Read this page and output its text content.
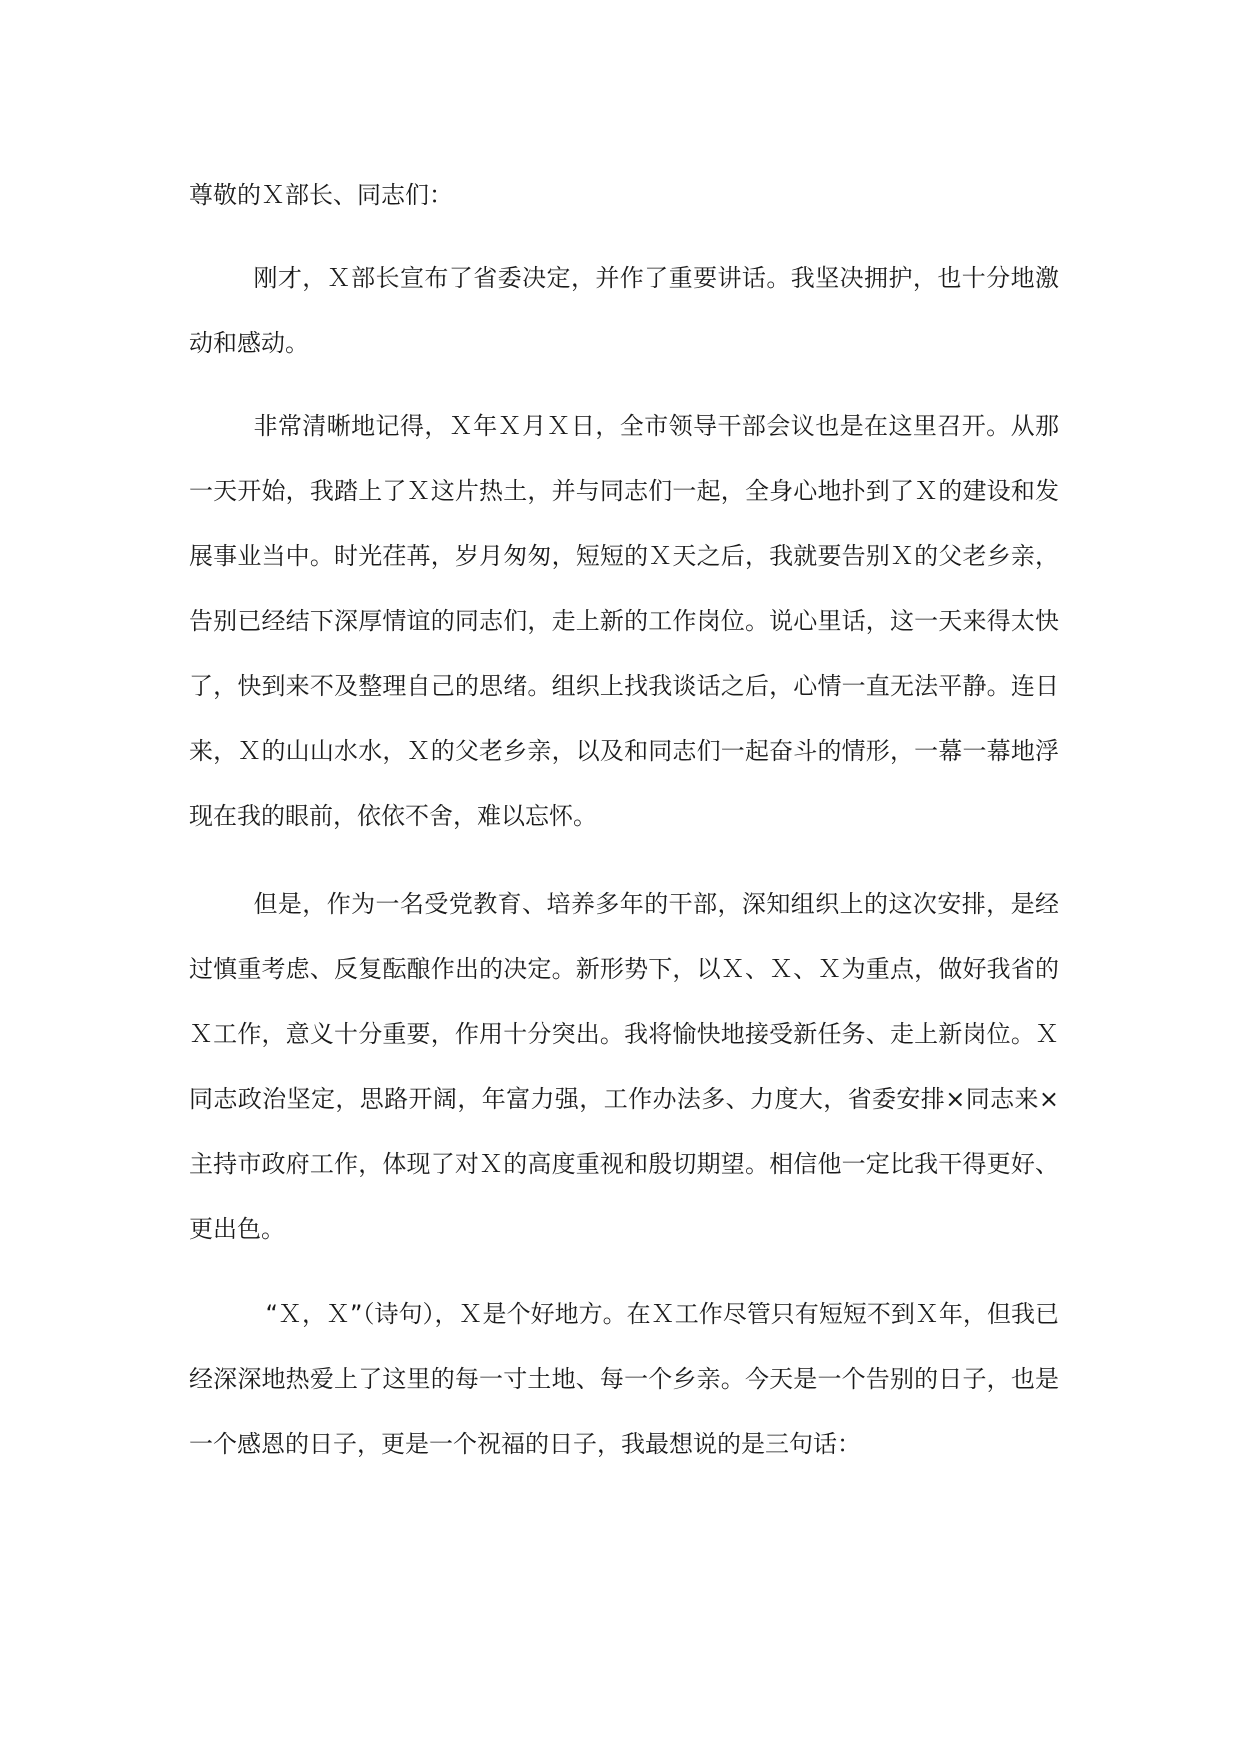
尊敬的Ｘ部长、同志们：

刚才，Ｘ部长宣布了省委决定，并作了重要讲话。我坚决拥护，也十分地激动和感动。

非常清晰地记得，Ｘ年Ｘ月Ｘ日，全市领导干部会议也是在这里召开。从那一天开始，我踏上了Ｘ这片热土，并与同志们一起，全身心地扑到了Ｘ的建设和发展事业当中。时光荏苒，岁月匆匆，短短的Ｘ天之后，我就要告别Ｘ的父老乡亲，告别已经结下深厚情谊的同志们，走上新的工作岗位。说心里话，这一天来得太快了，快到来不及整理自己的思绪。组织上找我谈话之后，心情一直无法平静。连日来，Ｘ的山山水水，Ｘ的父老乡亲，以及和同志们一起奋斗的情形，一幕一幕地浮现在我的眼前，依依不舍，难以忘怀。

但是，作为一名受党教育、培养多年的干部，深知组织上的这次安排，是经过慎重考虑、反复酝酿作出的决定。新形势下，以Ｘ、Ｘ、Ｘ为重点，做好我省的Ｘ工作，意义十分重要，作用十分突出。我将愉快地接受新任务、走上新岗位。Ｘ同志政治坚定，思路开阔，年富力强，工作办法多、力度大，省委安排×同志来×主持市政府工作，体现了对Ｘ的高度重视和殷切期望。相信他一定比我干得更好、更出色。

“Ｘ，Ｘ”（诗句），Ｘ是个好地方。在Ｘ工作尽管只有短短不到Ｘ年，但我已经深深地热爱上了这里的每一寸土地、每一个乡亲。今天是一个告别的日子，也是一个感恩的日子，更是一个祝福的日子，我最想说的是三句话：
